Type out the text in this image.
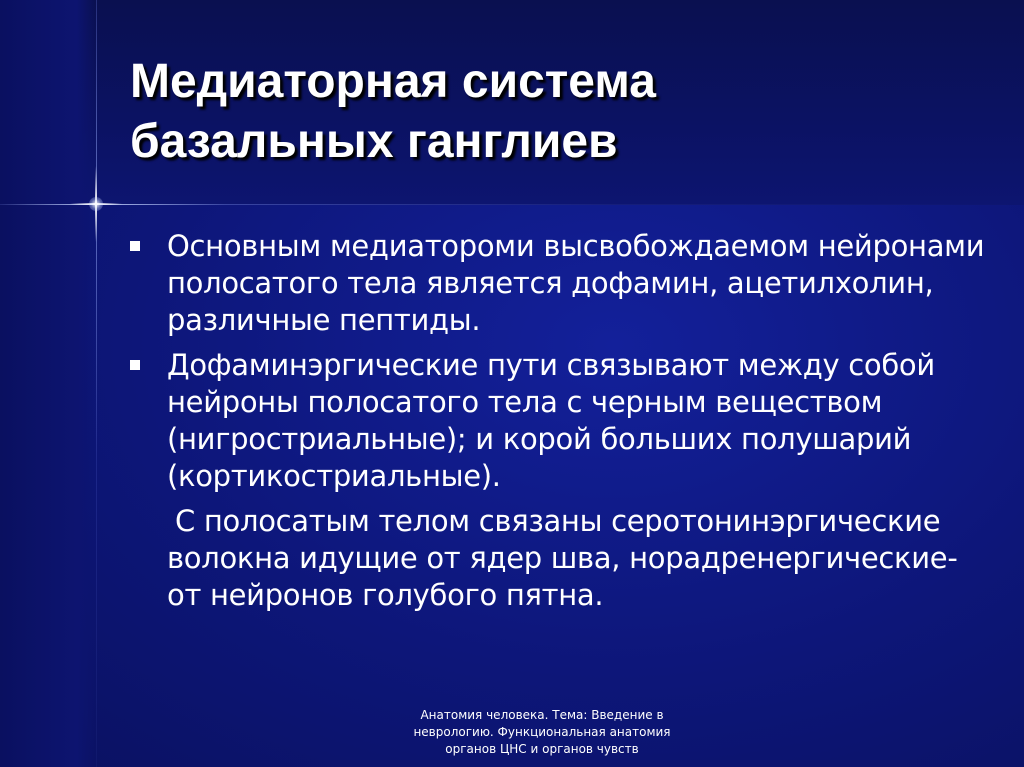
Медиаторная система
базальных ганглиев
Основным медиатороми высвобождаемом нейронами полосатого тела является дофамин, ацетилхолин, различные пептиды.
Дофаминэргические пути связывают между собой нейроны полосатого тела с черным веществом (нигростриальные); и корой больших полушарий (кортикостриальные).
С полосатым телом связаны серотонинэргические волокна идущие от ядер шва, норадренергические- от нейронов голубого пятна.
Анатомия человека. Тема: Введение в неврологию. Функциональная анатомия органов ЦНС и органов чувств
